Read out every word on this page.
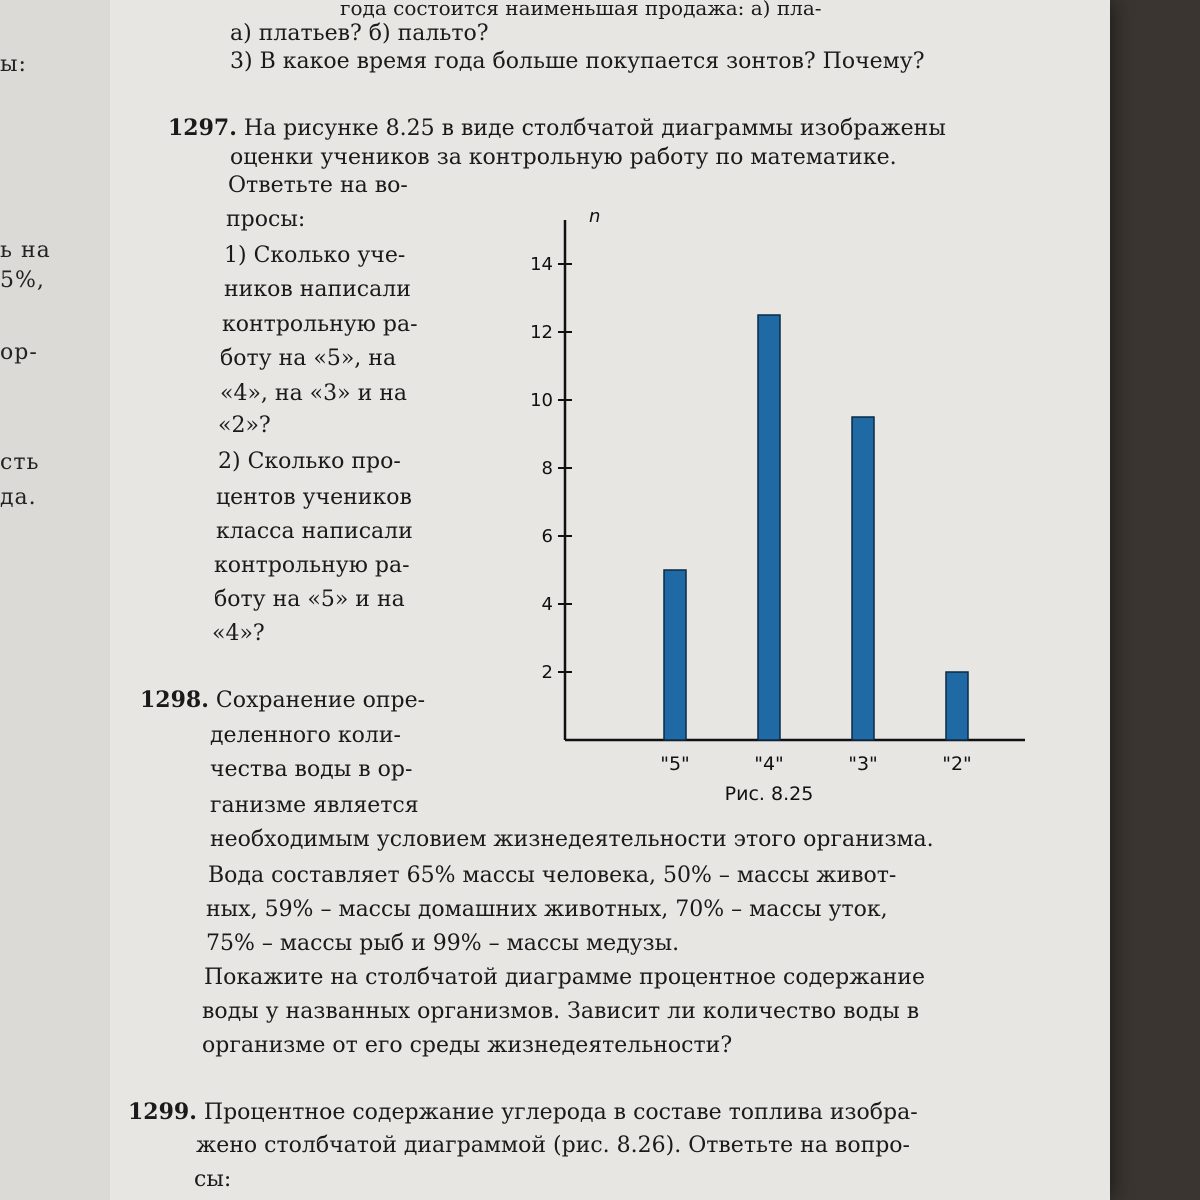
ы:
ь на
5%,
ор-
сть
да.
года состоится наименьшая продажа: а) пла-
а) платьев? б) пальто?
3) В какое время года больше покупается зонтов? Почему?
1297. На рисунке 8.25 в виде столбчатой диаграммы изображены
оценки учеников за контрольную работу по математике.
Ответьте на во-
просы:
1) Сколько уче-
ников написали
контрольную ра-
боту на «5», на
«4», на «3» и на
«2»?
2) Сколько про-
центов учеников
класса написали
контрольную ра-
боту на «5» и на
«4»?
1298. Сохранение опре-
деленного коли-
чества воды в ор-
ганизме является
необходимым условием жизнедеятельности этого организма.
Вода составляет 65% массы человека, 50% – массы живот-
ных, 59% – массы домашних животных, 70% – массы уток,
75% – массы рыб и 99% – массы медузы.
Покажите на столбчатой диаграмме процентное содержание
воды у названных организмов. Зависит ли количество воды в
организме от его среды жизнедеятельности?
1299. Процентное содержание углерода в составе топлива изобра-
жено столбчатой диаграммой (рис. 8.26). Ответьте на вопро-
сы:
n
2
4
6
8
10
12
14
"5"	"4"	"3"	"2"
Рис. 8.25
